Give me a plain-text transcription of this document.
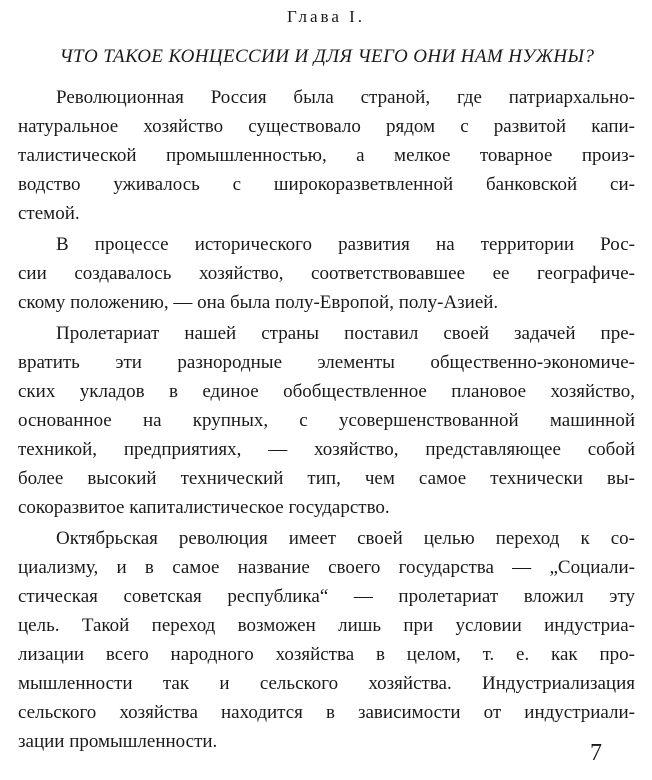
Глава I.
ЧТО ТАКОЕ КОНЦЕССИИ И ДЛЯ ЧЕГО ОНИ НАМ НУЖНЫ?

Революционная Россия была страной, где патриархально-
натуральное хозяйство существовало рядом с развитой капи-
талистической промышленностью, а мелкое товарное произ-
водство уживалось с широкоразветвленной банковской си-
стемой.

В процессе исторического развития на территории Рос-
сии создавалось хозяйство, соответствовавшее ее географиче-
скому положению, — она была полу-Европой, полу-Азией.

Пролетариат нашей страны поставил своей задачей пре-
вратить эти разнородные элементы общественно-экономиче-
ских укладов в единое обобществленное плановое хозяйство,
основанное на крупных, с усовершенствованной машинной
техникой, предприятиях, — хозяйство, представляющее собой
более высокий технический тип, чем самое технически вы-
сокоразвитое капиталистическое государство.

Октябрьская революция имеет своей целью переход к со-
циализму, и в самое название своего государства — „Социали-
стическая советская республика“ — пролетариат вложил эту
цель. Такой переход возможен лишь при условии индустриа-
лизации всего народного хозяйства в целом, т. е. как про-
мышленности так и сельского хозяйства. Индустриализация
сельского хозяйства находится в зависимости от индустриали-
зации промышленности.	7
